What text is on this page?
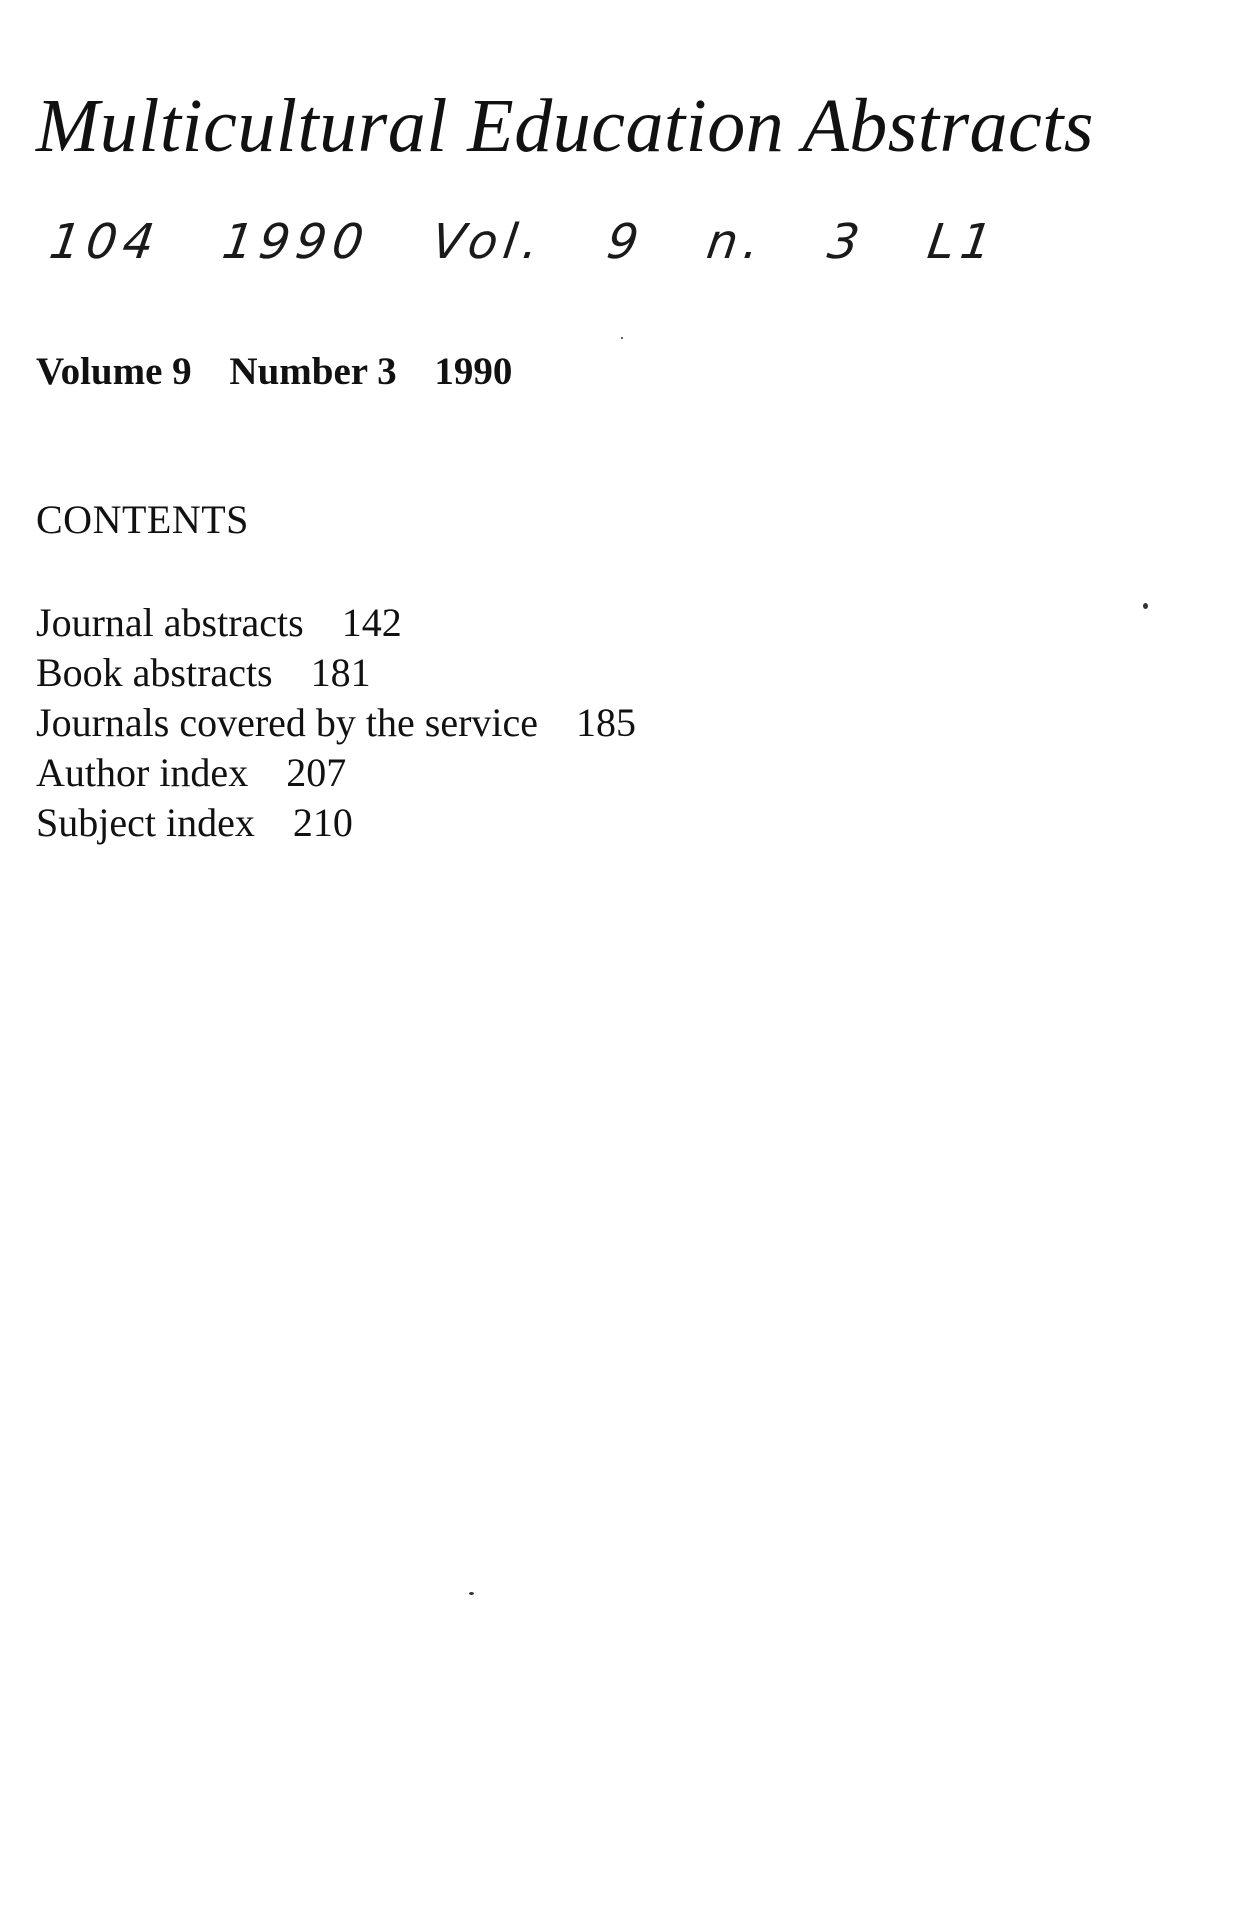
Multicultural Education Abstracts

104 1990 Vol. 9 n. 3 L1

Volume 9 Number 3 1990

CONTENTS
Journal abstracts 142
Book abstracts 181
Journals covered by the service 185
Author index 207
Subject index 210
